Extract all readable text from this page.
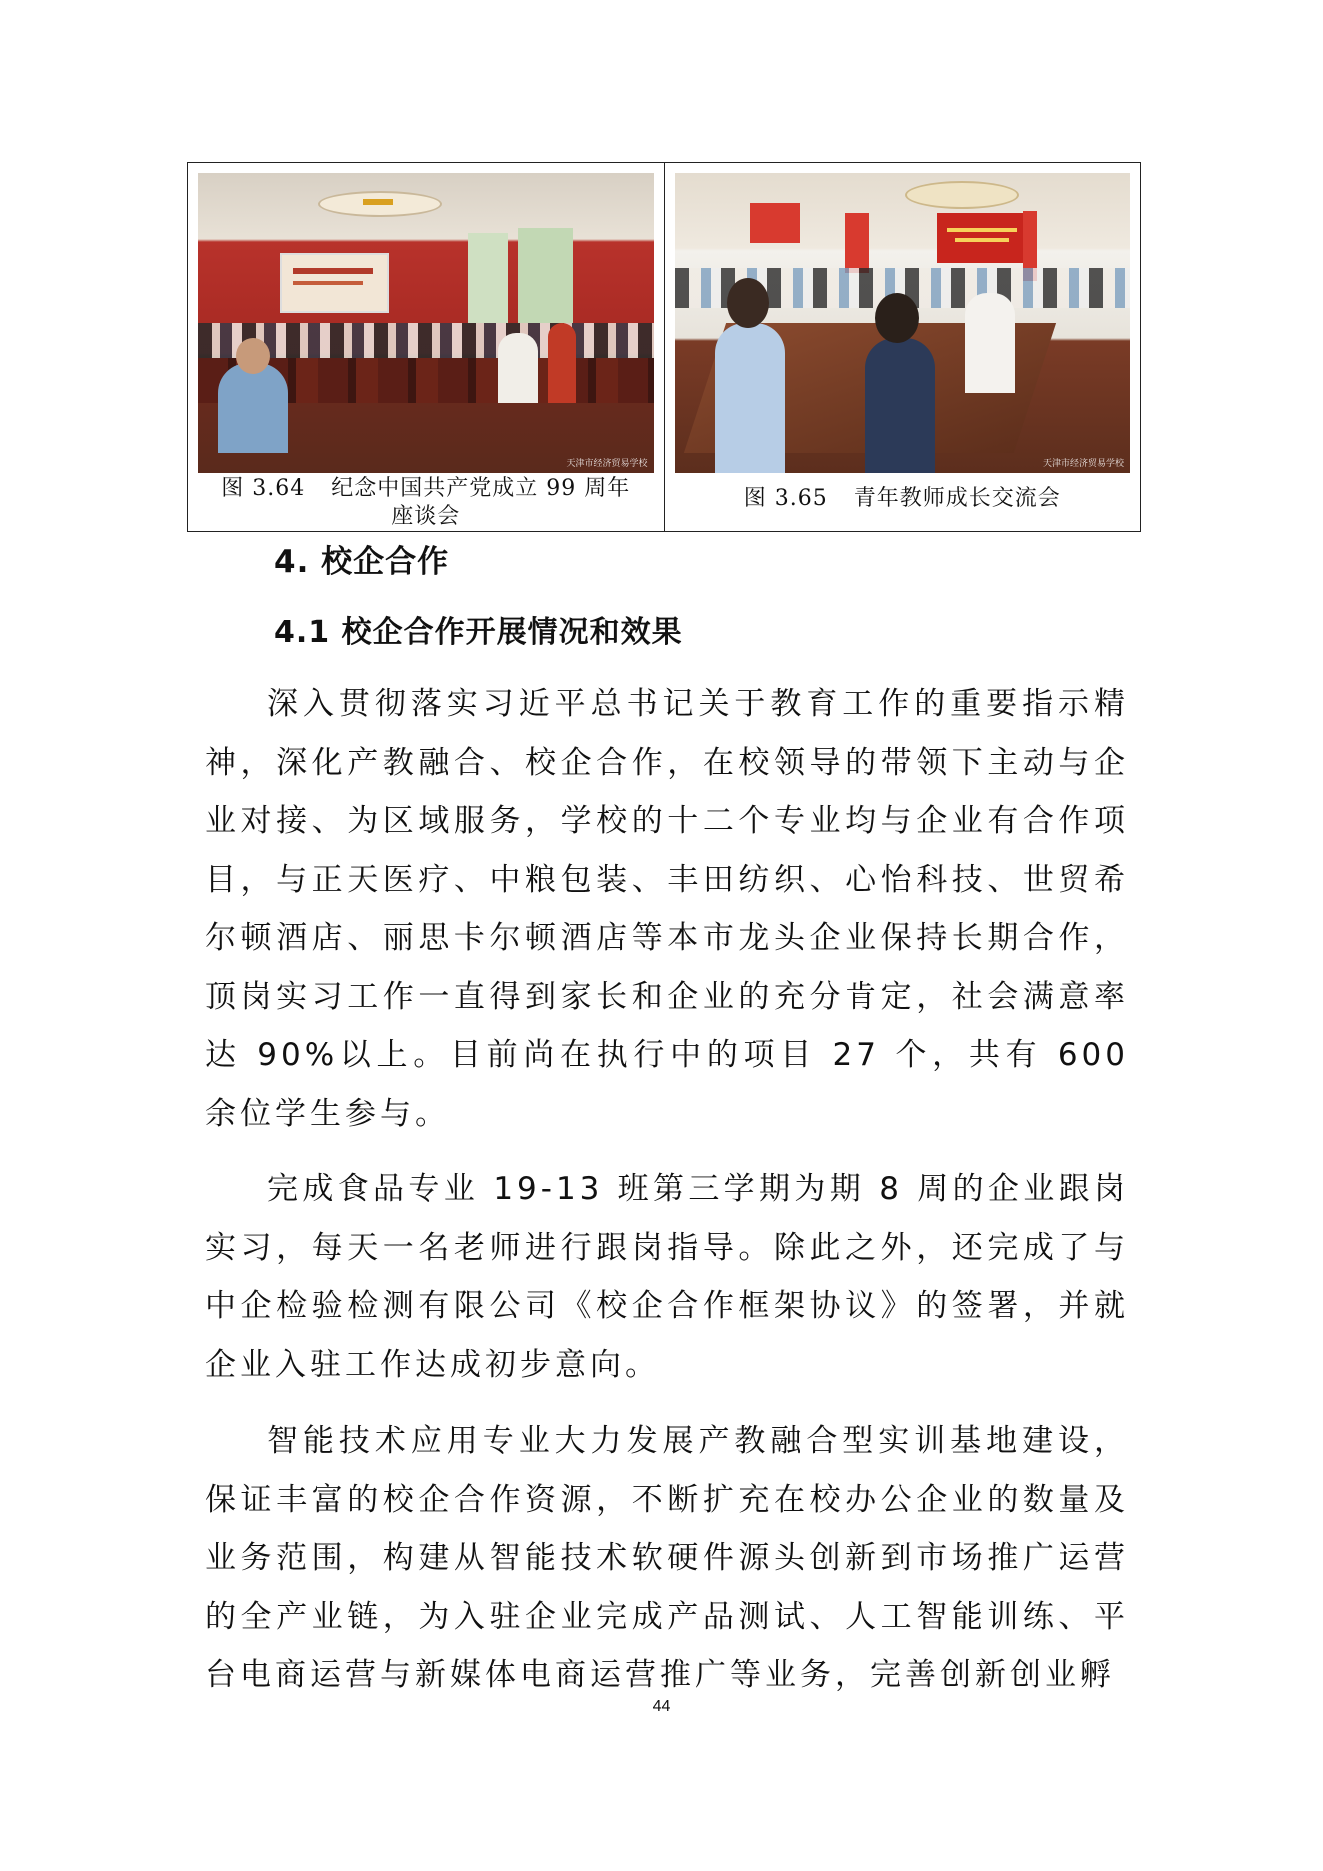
天津市经济贸易学校
图 3.64 纪念中国共产党成立 99 周年
座谈会
天津市经济贸易学校
图 3.65 青年教师成长交流会
4. 校企合作
4.1 校企合作开展情况和效果

深入贯彻落实习近平总书记关于教育工作的重要指示精神，深化产教融合、校企合作，在校领导的带领下主动与企业对接、为区域服务，学校的十二个专业均与企业有合作项目，与正天医疗、中粮包装、丰田纺织、心怡科技、世贸希尔顿酒店、丽思卡尔顿酒店等本市龙头企业保持长期合作，顶岗实习工作一直得到家长和企业的充分肯定，社会满意率达 90%以上。目前尚在执行中的项目 27 个，共有 600 余位学生参与。

完成食品专业 19-13 班第三学期为期 8 周的企业跟岗实习，每天一名老师进行跟岗指导。除此之外，还完成了与中企检验检测有限公司《校企合作框架协议》的签署，并就企业入驻工作达成初步意向。

智能技术应用专业大力发展产教融合型实训基地建设，保证丰富的校企合作资源，不断扩充在校办公企业的数量及业务范围，构建从智能技术软硬件源头创新到市场推广运营的全产业链，为入驻企业完成产品测试、人工智能训练、平台电商运营与新媒体电商运营推广等业务，完善创新创业孵

44
